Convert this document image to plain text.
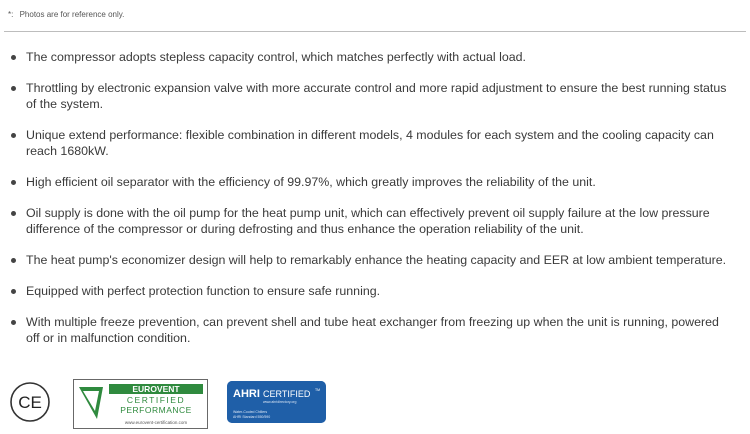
*: Photos are for reference only.
The compressor adopts stepless capacity control, which matches perfectly with actual load.
Throttling by electronic expansion valve with more accurate control and more rapid adjustment to ensure the best running status of the system.
Unique extend performance: flexible combination in different models, 4 modules for each system and the cooling capacity can reach 1680kW.
High efficient oil separator with the efficiency of 99.97%, which greatly improves the reliability of the unit.
Oil supply is done with the oil pump for the heat pump unit, which can effectively prevent oil supply failure at the low pressure difference of the compressor or during defrosting and thus enhance the operation reliability of the unit.
The heat pump's economizer design will help to remarkably enhance the heating capacity and EER at low ambient temperature.
Equipped with perfect protection function to ensure safe running.
With multiple freeze prevention, can prevent shell and tube heat exchanger from freezing up when the unit is running, powered off or in malfunction condition.
CE
EUROVENT
CERTIFIED
PERFORMANCE
www.eurovent-certification.com
AHRI CERTIFIED TM
www.ahridirectory.org
Water-Cooled Chillers
AHRI Standard 550/590
